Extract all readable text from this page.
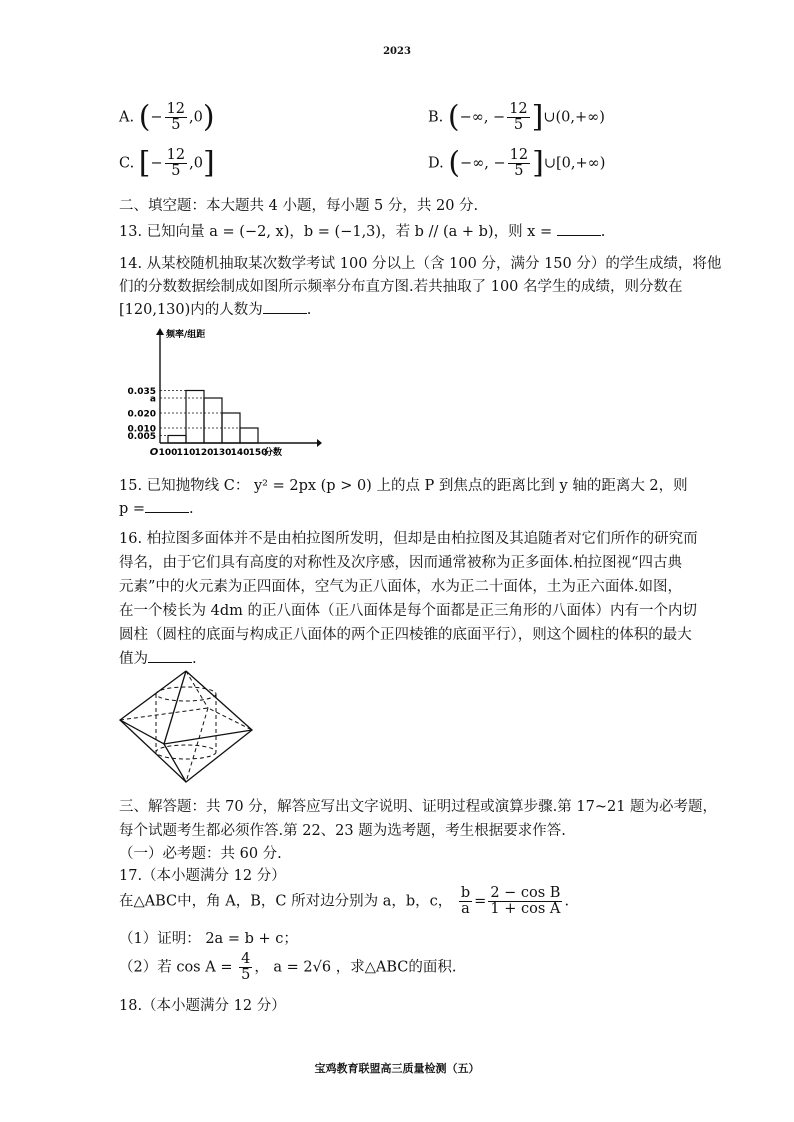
2023
A. (− $\frac{12}{5} ,0$)	B. (−∞, − $\frac{12}{5}$ ]∪(0,+∞)
C. [− $\frac{12}{5} ,0$]	D. (−∞, − $\frac{12}{5}$ ]∪[0,+∞)
二、填空题：本大题共 4 小题，每小题 5 分，共 20 分.
13. 已知向量 a = (−2, x)，b = (−1,3)，若 b // (a + b)，则 x =	.
14. 从某校随机抽取某次数学考试 100 分以上（含 100 分，满分 150 分）的学生成绩，将他
们的分数数据绘制成如图所示频率分布直方图.若共抽取了 100 名学生的成绩，则分数在
[120,130)内的人数为	.
0.035
a
0.020
0.010
0.005
100 110 120 130 140 150
分数
O
频率/组距
15. 已知抛物线 C： y² = 2px (p > 0) 上的点 P 到焦点的距离比到 y 轴的距离大 2，则
p =	.
16. 柏拉图多面体并不是由柏拉图所发明，但却是由柏拉图及其追随者对它们所作的研究而
得名，由于它们具有高度的对称性及次序感，因而通常被称为正多面体.柏拉图视“四古典
元素”中的火元素为正四面体，空气为正八面体，水为正二十面体，土为正六面体.如图，
在一个棱长为 4dm 的正八面体（正八面体是每个面都是正三角形的八面体）内有一个内切
圆柱（圆柱的底面与构成正八面体的两个正四棱锥的底面平行），则这个圆柱的体积的最大
值为	.
三、解答题：共 70 分，解答应写出文字说明、证明过程或演算步骤.第 17~21 题为必考题，
每个试题考生都必须作答.第 22、23 题为选考题，考生根据要求作答.
（一）必考题：共 60 分.
17.（本小题满分 12 分）
在△ABC中，角 A，B，C 所对边分别为 a，b，c， $\frac{b}{a} = \frac{\text{2 − cos B}}{\text{1 + cos A}}$ .
（1）证明： 2a = b + c；
（2）若 $\cos A = \frac{4}{5}$ ， a = 2√6 ，求△ABC的面积.
18.（本小题满分 12 分）
宝鸡教育联盟高三质量检测（五）
